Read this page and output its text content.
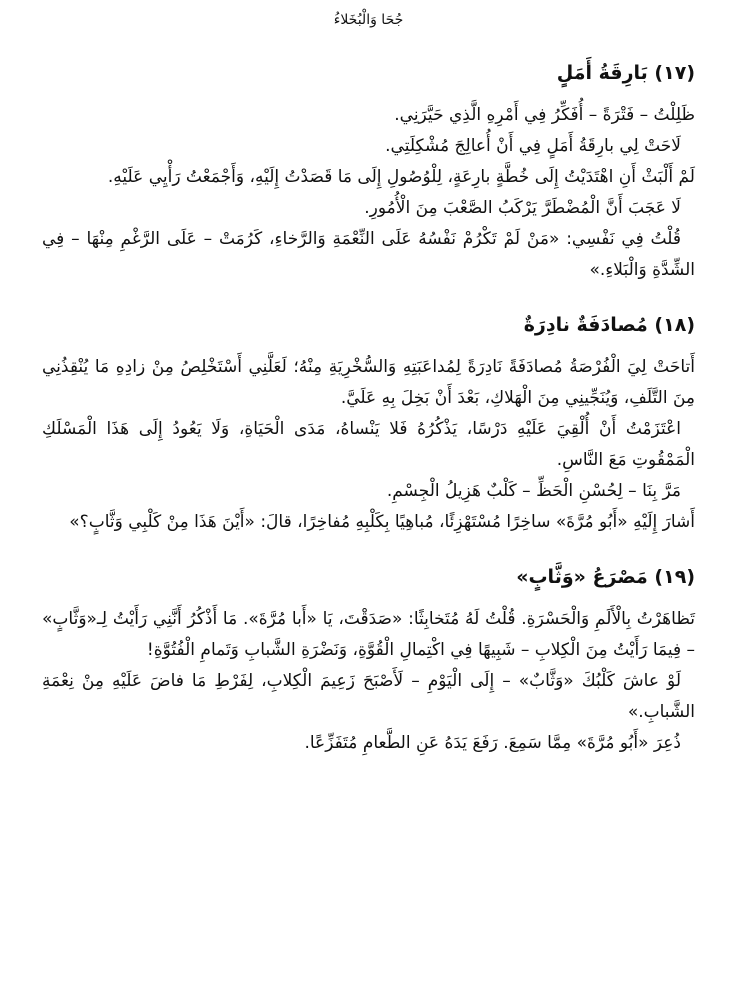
جُحَا وَالْبُخَلاءُ
(١٧) بَارِقَةُ أَمَلٍ

ظَلِلْتُ – فَتْرَةً – أُفَكِّرُ فِي أَمْرِهِ الَّذِي حَيَّرَنِي.

لَاحَتْ لِي بارِقَةُ أَمَلٍ فِي أَنْ أُعالِجَ مُشْكِلَتِي.

لَمْ أَلْبَثْ أَنِ اهْتَدَيْتُ إِلَى خُطَّةٍ بارِعَةٍ، لِلْوُصُولِ إِلَى مَا قَصَدْتُ إِلَيْهِ، وَأَجْمَعْتُ رَأْيِي عَلَيْهِ.

لَا عَجَبَ أَنَّ الْمُضْطَرَّ يَرْكَبُ الصَّعْبَ مِنَ الْأُمُورِ.

قُلْتُ فِي نَفْسِي: «مَنْ لَمْ تَكْرُمْ نَفْسُهُ عَلَى النِّعْمَةِ وَالرَّخاءِ، كَرُمَتْ – عَلَى الرَّغْمِ مِنْهَا – فِي الشِّدَّةِ وَالْبَلاءِ.»

(١٨) مُصادَفَةٌ نادِرَةٌ

أَتاحَتْ لِيَ الْفُرْصَةُ مُصادَفَةً نَادِرَةً لِمُداعَبَتِهِ وَالسُّخْرِيَةِ مِنْهُ؛ لَعَلَّنِي أَسْتَخْلِصُ مِنْ زادِهِ مَا يُنْقِذُنِي مِنَ التَّلَفِ، وَيُنَجِّينِي مِنَ الْهَلاكِ، بَعْدَ أَنْ بَخِلَ بِهِ عَلَيَّ.

اعْتَزَمْتُ أَنْ أُلْقِيَ عَلَيْهِ دَرْسًا، يَذْكُرُهُ فَلا يَنْساهُ، مَدَى الْحَيَاةِ، وَلَا يَعُودُ إِلَى هَذَا الْمَسْلَكِ الْمَمْقُوتِ مَعَ النَّاسِ.

مَرَّ بِنَا – لِحُسْنِ الْحَظِّ – كَلْبٌ هَزِيلُ الْجِسْمِ.

أَشارَ إِلَيْهِ «أَبُو مُرَّةَ» ساخِرًا مُسْتَهْزِئًا، مُباهِيًا بِكَلْبِهِ مُفاخِرًا، قالَ: «أَيْنَ هَذَا مِنْ كَلْبِي وَثَّابٍ؟»

(١٩) مَصْرَعُ «وَثَّابٍ»

تَظاهَرْتُ بِالْأَلَمِ وَالْحَسْرَةِ. قُلْتُ لَهُ مُتَخابِثًا: «صَدَقْتَ، يَا «أَبا مُرَّةَ». مَا أَذْكُرُ أَنَّنِي رَأَيْتُ لِـ«وَثَّابٍ» – فِيمَا رَأَيْتُ مِنَ الْكِلابِ – شَبِيهًا فِي اكْتِمالِ الْقُوَّةِ، وَنَضْرَةِ الشَّبابِ وَتَمامِ الْفُتُوَّةِ!

لَوْ عاشَ كَلْبُكَ «وَثَّابٌ» – إِلَى الْيَوْمِ – لَأَصْبَحَ زَعِيمَ الْكِلابِ، لِفَرْطِ مَا فاضَ عَلَيْهِ مِنْ نِعْمَةِ الشَّبابِ.»

ذُعِرَ «أَبُو مُرَّةَ» مِمَّا سَمِعَ. رَفَعَ يَدَهُ عَنِ الطَّعامِ مُتَفَزِّعًا.
